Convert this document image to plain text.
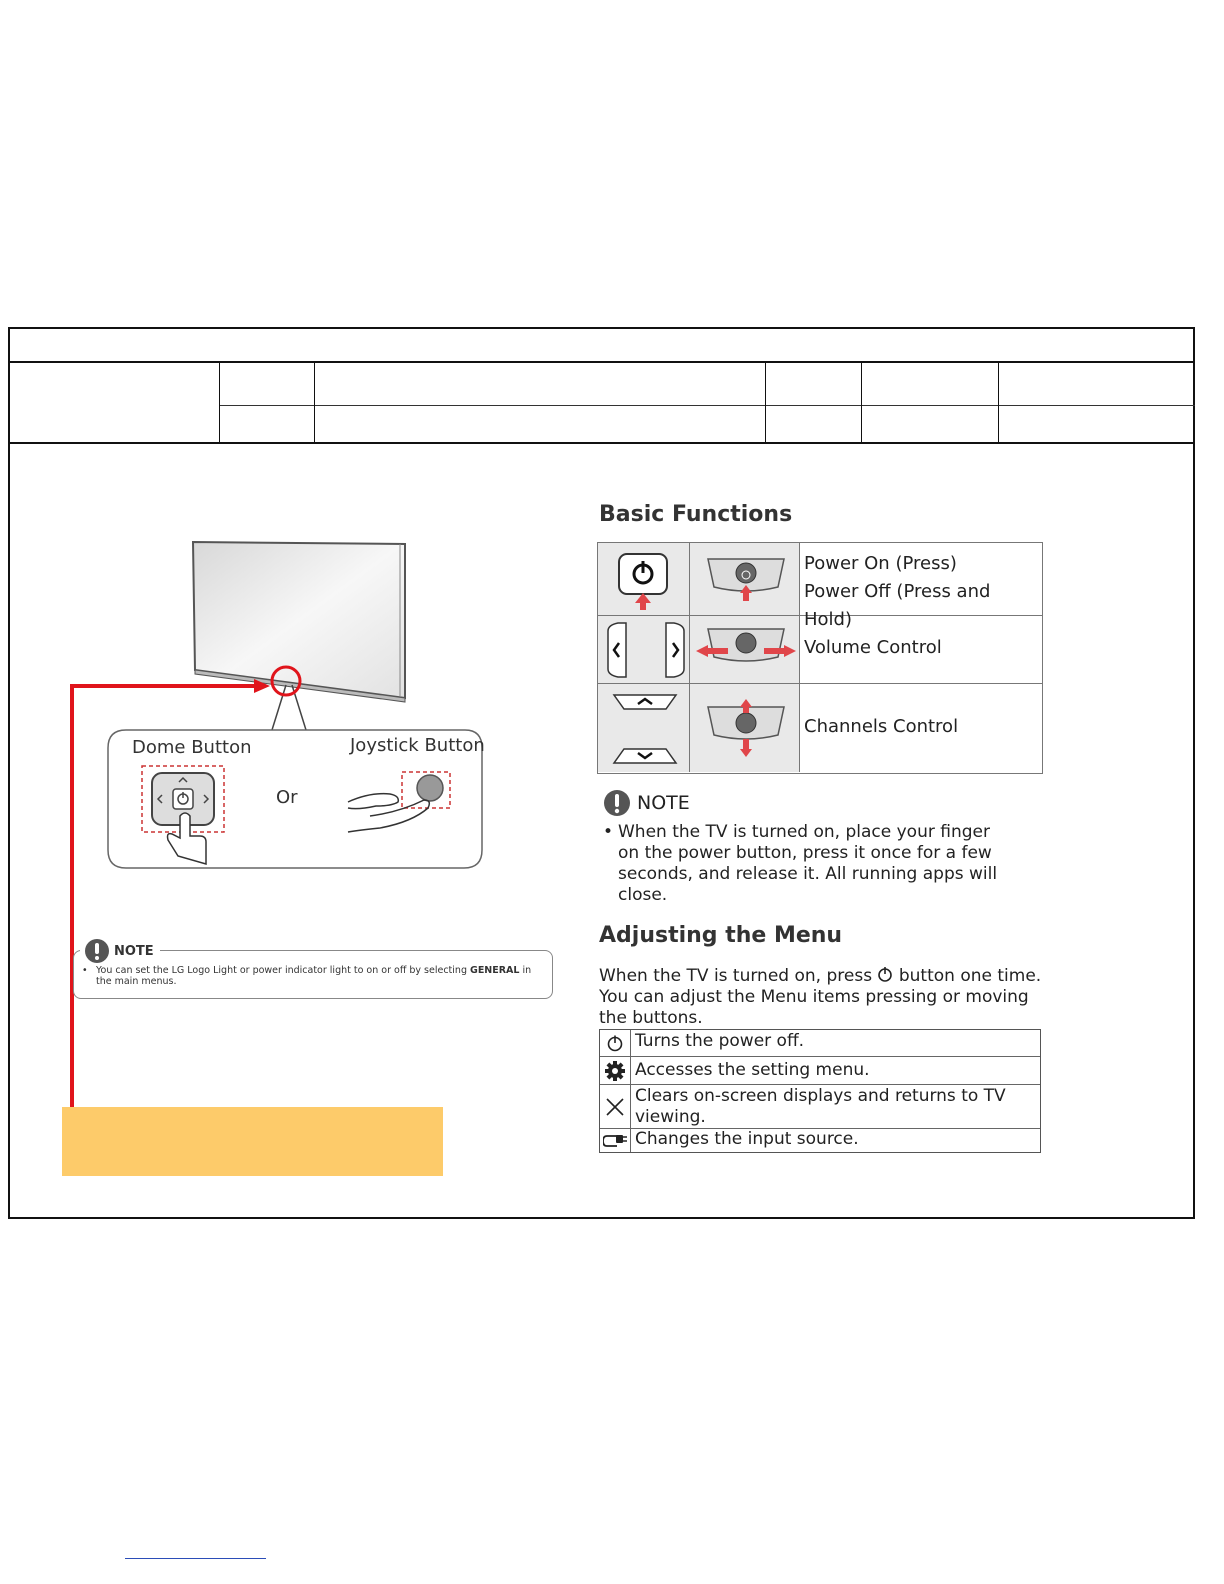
Dome Button	Joystick Button
Or
NOTE
• You can set the LG Logo Light or power indicator light to on or off by selecting GENERAL in the main menus.
Basic Functions
Power On (Press)
Power Off (Press and Hold)
Volume Control
Channels Control
NOTE
• When the TV is turned on, place your finger on the power button, press it once for a few seconds, and release it. All running apps will close.
Adjusting the Menu
When the TV is turned on, press button one time. You can adjust the Menu items pressing or moving the buttons.
Turns the power off.
Accesses the setting menu.
Clears on-screen displays and returns to TV viewing.
Changes the input source.
